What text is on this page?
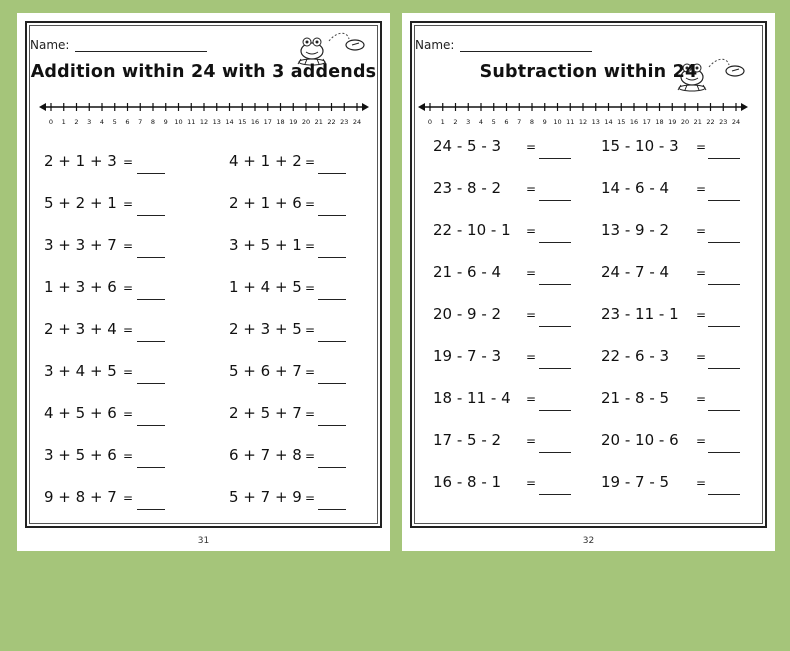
Name:
Addition within 24 with 3 addends
0 1 2 3 4 5 6 7 8 9 10 11 12 13 14 15 16 17 18 19 20 21 22 23 24
2 + 1 + 3 =
5 + 2 + 1 =
3 + 3 + 7 =
1 + 3 + 6 =
2 + 3 + 4 =
3 + 4 + 5 =
4 + 5 + 6 =
3 + 5 + 6 =
9 + 8 + 7 =
4 + 1 + 2 =
2 + 1 + 6 =
3 + 5 + 1 =
1 + 4 + 5 =
2 + 3 + 5 =
5 + 6 + 7 =
2 + 5 + 7 =
6 + 7 + 8 =
5 + 7 + 9 =
31
Name:
Subtraction within 24
0 1 2 3 4 5 6 7 8 9 10 11 12 13 14 15 16 17 18 19 20 21 22 23 24
24 - 5 - 3 =
23 - 8 - 2 =
22 - 10 - 1 =
21 - 6 - 4 =
20 - 9 - 2 =
19 - 7 - 3 =
18 - 11 - 4 =
17 - 5 - 2 =
16 - 8 - 1 =
15 - 10 - 3 =
14 - 6 - 4 =
13 - 9 - 2 =
24 - 7 - 4 =
23 - 11 - 1 =
22 - 6 - 3 =
21 - 8 - 5 =
20 - 10 - 6 =
19 - 7 - 5 =
32
